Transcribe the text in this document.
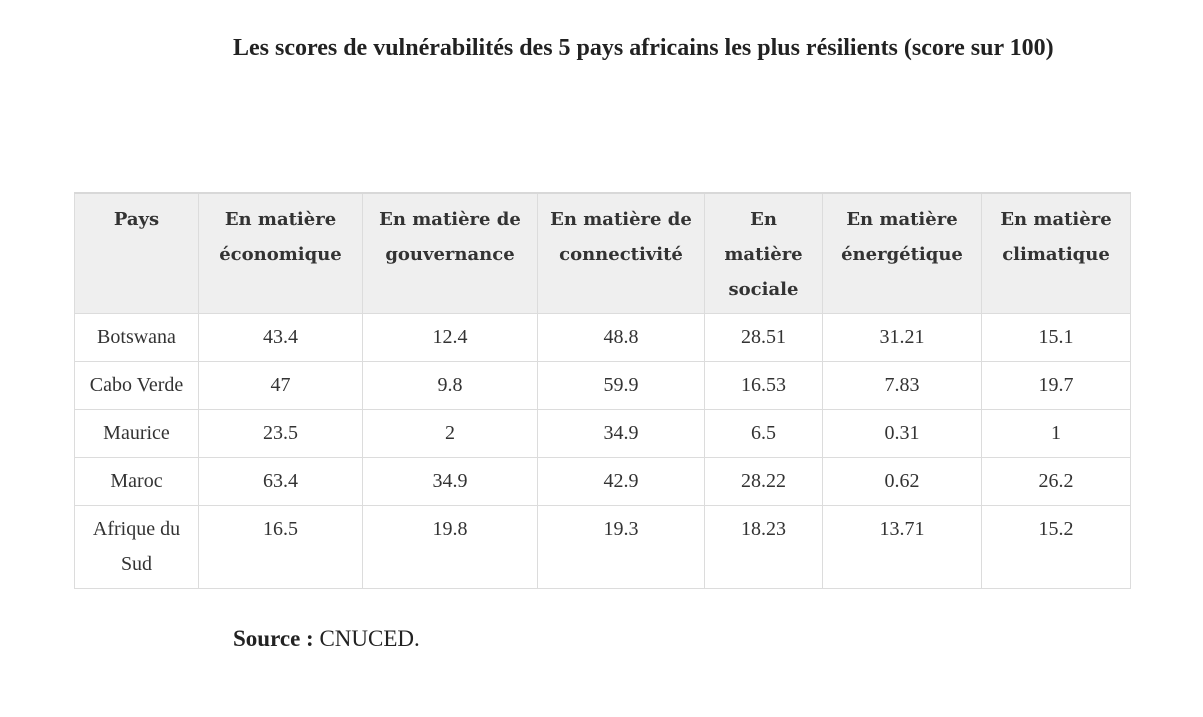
Les scores de vulnérabilités des 5 pays africains les plus résilients (score sur 100)
Pays	En matière économique	En matière de gouvernance	En matière de connectivité	En matière sociale	En matière énergétique	En matière climatique
Botswana	43.4	12.4	48.8	28.51	31.21	15.1
Cabo Verde	47	9.8	59.9	16.53	7.83	19.7
Maurice	23.5	2	34.9	6.5	0.31	1
Maroc	63.4	34.9	42.9	28.22	0.62	26.2
Afrique du Sud	16.5	19.8	19.3	18.23	13.71	15.2

Source : CNUCED.
